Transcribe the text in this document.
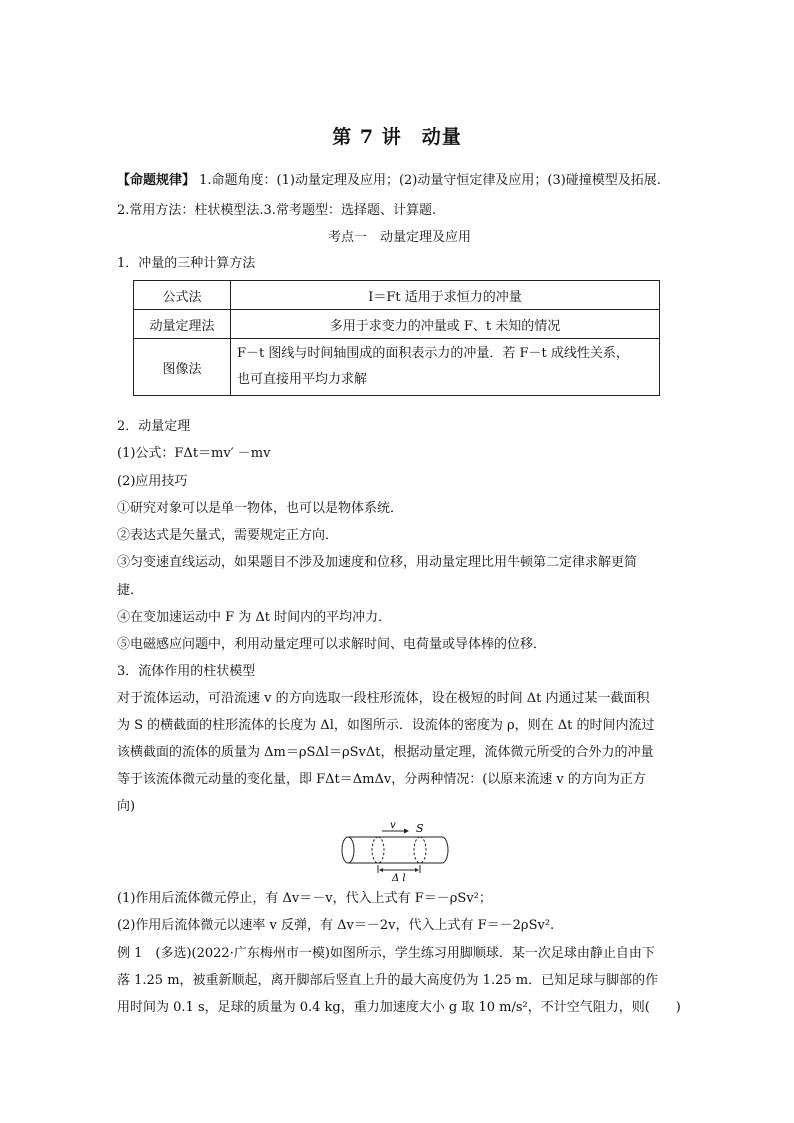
第 7 讲　动量
【命题规律】 1.命题角度：(1)动量定理及应用；(2)动量守恒定律及应用；(3)碰撞模型及拓展.
2.常用方法：柱状模型法.3.常考题型：选择题、计算题.
考点一　动量定理及应用
1．冲量的三种计算方法
公式法	I＝Ft 适用于求恒力的冲量
动量定理法	多用于求变力的冲量或 F、t 未知的情况
图像法	F－t 图线与时间轴围成的面积表示力的冲量．若 F－t 成线性关系，
也可直接用平均力求解
2．动量定理
(1)公式：FΔt＝mv′ －mv
(2)应用技巧
①研究对象可以是单一物体，也可以是物体系统．
②表达式是矢量式，需要规定正方向．
③匀变速直线运动，如果题目不涉及加速度和位移，用动量定理比用牛顿第二定律求解更简
捷．
④在变加速运动中 F 为 Δt 时间内的平均冲力．
⑤电磁感应问题中，利用动量定理可以求解时间、电荷量或导体棒的位移．
3．流体作用的柱状模型
对于流体运动，可沿流速 v 的方向选取一段柱形流体，设在极短的时间 Δt 内通过某一截面积
为 S 的横截面的柱形流体的长度为 Δl，如图所示．设流体的密度为 ρ，则在 Δt 的时间内流过
该横截面的流体的质量为 Δm＝ρSΔl＝ρSvΔt，根据动量定理，流体微元所受的合外力的冲量
等于该流体微元动量的变化量，即 FΔt＝ΔmΔv，分两种情况：(以原来流速 v 的方向为正方
向)
v S
Δ l
(1)作用后流体微元停止，有 Δv＝－v，代入上式有 F＝－ρSv²；
(2)作用后流体微元以速率 v 反弹，有 Δv＝－2v，代入上式有 F＝－2ρSv².
例 1　(多选)(2022·广东梅州市一模)如图所示，学生练习用脚顺球．某一次足球由静止自由下
落 1.25 m，被重新顺起，离开脚部后竖直上升的最大高度仍为 1.25 m．已知足球与脚部的作
用时间为 0.1 s，足球的质量为 0.4 kg，重力加速度大小 g 取 10 m/s²，不计空气阻力，则(　　)
